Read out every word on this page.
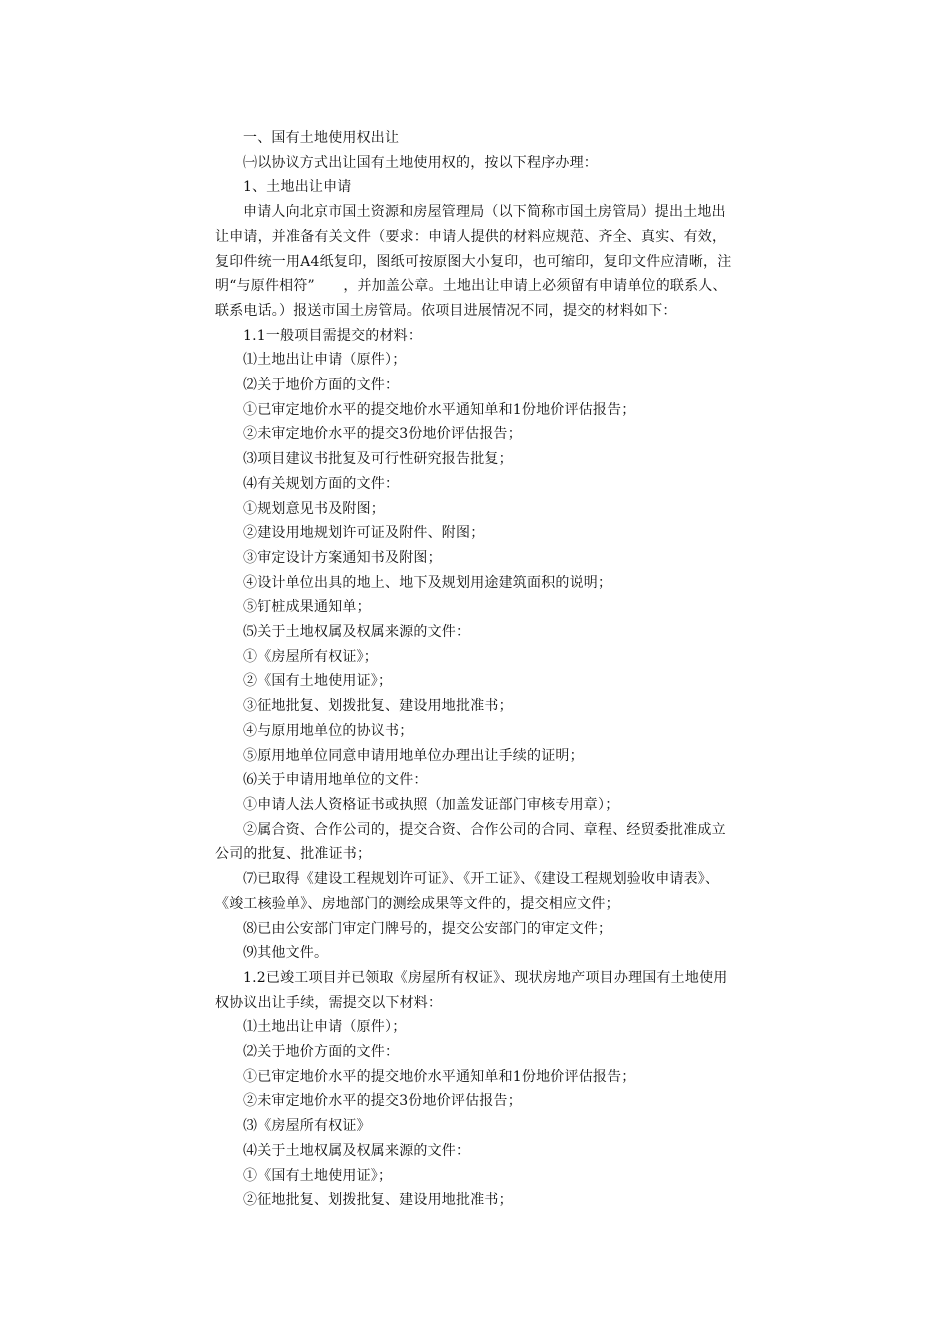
一、国有土地使用权出让

㈠以协议方式出让国有土地使用权的，按以下程序办理：

1、土地出让申请

申请人向北京市国土资源和房屋管理局（以下简称市国土房管局）提出土地出让申请，并准备有关文件（要求：申请人提供的材料应规范、齐全、真实、有效，复印件统一用A4纸复印，图纸可按原图大小复印，也可缩印，复印文件应清晰，注明“与原件相符”　　，并加盖公章。土地出让申请上必须留有申请单位的联系人、联系电话。）报送市国土房管局。依项目进展情况不同，提交的材料如下：

1.1一般项目需提交的材料：

⑴土地出让申请（原件）；

⑵关于地价方面的文件：

①已审定地价水平的提交地价水平通知单和1份地价评估报告；

②未审定地价水平的提交3份地价评估报告；

⑶项目建议书批复及可行性研究报告批复；

⑷有关规划方面的文件：

①规划意见书及附图；

②建设用地规划许可证及附件、附图；

③审定设计方案通知书及附图；

④设计单位出具的地上、地下及规划用途建筑面积的说明；

⑤钉桩成果通知单；

⑸关于土地权属及权属来源的文件：

①《房屋所有权证》；

②《国有土地使用证》；

③征地批复、划拨批复、建设用地批准书；

④与原用地单位的协议书；

⑤原用地单位同意申请用地单位办理出让手续的证明；

⑹关于申请用地单位的文件：

①申请人法人资格证书或执照（加盖发证部门审核专用章）；

②属合资、合作公司的，提交合资、合作公司的合同、章程、经贸委批准成立公司的批复、批准证书；

⑺已取得《建设工程规划许可证》、《开工证》、《建设工程规划验收申请表》、《竣工核验单》、房地部门的测绘成果等文件的，提交相应文件；

⑻已由公安部门审定门牌号的，提交公安部门的审定文件；

⑼其他文件。

1.2已竣工项目并已领取《房屋所有权证》、现状房地产项目办理国有土地使用权协议出让手续，需提交以下材料：

⑴土地出让申请（原件）；

⑵关于地价方面的文件：

①已审定地价水平的提交地价水平通知单和1份地价评估报告；

②未审定地价水平的提交3份地价评估报告；

⑶《房屋所有权证》

⑷关于土地权属及权属来源的文件：

①《国有土地使用证》；

②征地批复、划拨批复、建设用地批准书；
